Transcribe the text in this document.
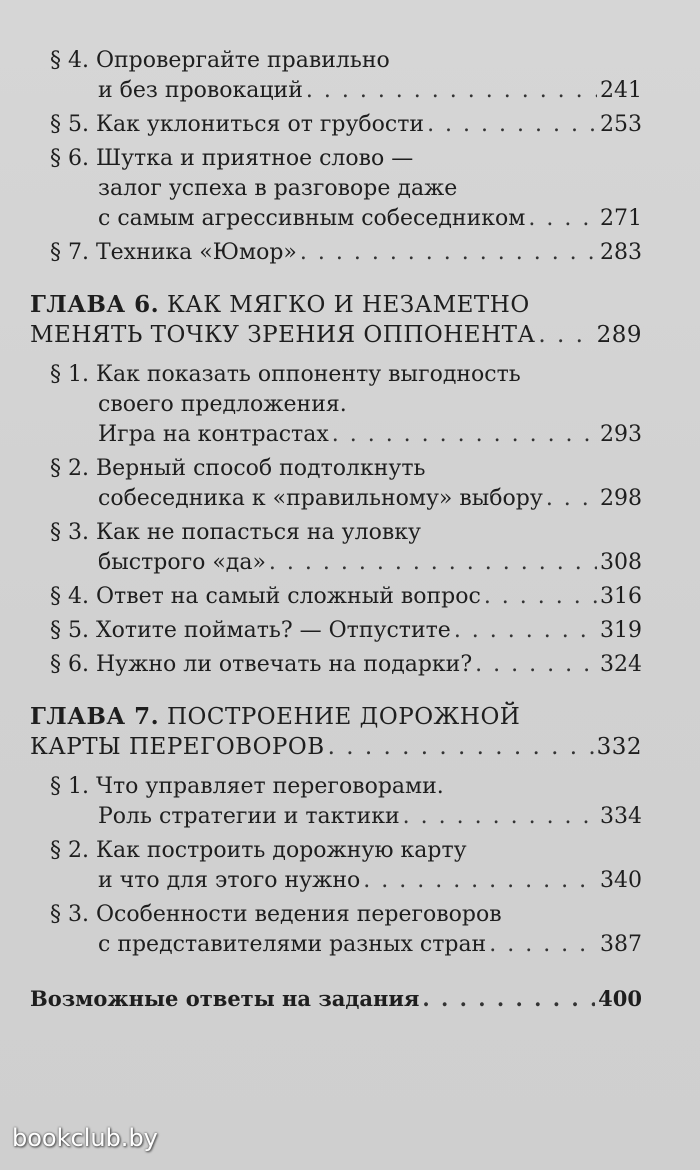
§ 4. Опровергайте правильно
и без провокаций . . .	241
§ 5. Как уклониться от грубости . . .	253
§ 6. Шутка и приятное слово —
залог успеха в разговоре даже
с самым агрессивным собеседником . . .	271
§ 7. Техника «Юмор» . . .	283
ГЛАВА 6. КАК МЯГКО И НЕЗАМЕТНО
МЕНЯТЬ ТОЧКУ ЗРЕНИЯ ОППОНЕНТА . . .	289
§ 1. Как показать оппоненту выгодность
своего предложения.
Игра на контрастах . . .	293
§ 2. Верный способ подтолкнуть
собеседника к «правильному» выбору . . .	298
§ 3. Как не попасться на уловку
быстрого «да» . . .	308
§ 4. Ответ на самый сложный вопрос . . .	316
§ 5. Хотите поймать? — Отпустите . . .	319
§ 6. Нужно ли отвечать на подарки? . . .	324
ГЛАВА 7. ПОСТРОЕНИЕ ДОРОЖНОЙ
КАРТЫ ПЕРЕГОВОРОВ . . .	332
§ 1. Что управляет переговорами.
Роль стратегии и тактики . . .	334
§ 2. Как построить дорожную карту
и что для этого нужно . . .	340
§ 3. Особенности ведения переговоров
с представителями разных стран . . .	387
Возможные ответы на задания . . .	400
bookclub.by
